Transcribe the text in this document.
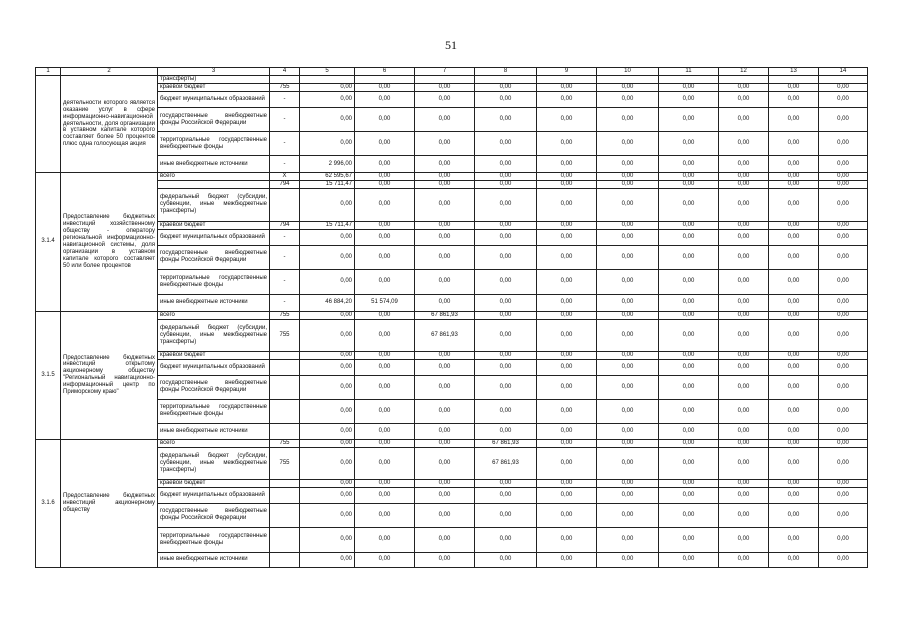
51
1	2	3	4	5	6	7	8	9	10	11	12	13	14	
	деятельности которого является оказание услуг в сфере информационно-навигационной деятельности, доля организации в уставном капитале которого составляет более 50 процентов плюс одна голосующая акция	трансферты)												
		краевой бюджет	755	0,00	0,00	0,00	0,00	0,00	0,00	0,00	0,00	0,00	0,00	
		бюджет муниципальных образований	-	0,00	0,00	0,00	0,00	0,00	0,00	0,00	0,00	0,00	0,00	
		государственные внебюджетные фонды Российской Федерации	-	0,00	0,00	0,00	0,00	0,00	0,00	0,00	0,00	0,00	0,00	
		территориальные государственные внебюджетные фонды	-	0,00	0,00	0,00	0,00	0,00	0,00	0,00	0,00	0,00	0,00	
		иные внебюджетные источники	-	2 996,00	0,00	0,00	0,00	0,00	0,00	0,00	0,00	0,00	0,00	
3.1.4	Предоставление бюджетных инвестиций хозяйственному обществу - оператору региональной информационно-навигационной системы, доля организации в уставном капитале которого составляет 50 или более процентов	всего	X	62 595,67	0,00	0,00	0,00	0,00	0,00	0,00	0,00	0,00	0,00	
			794	15 711,47	0,00	0,00	0,00	0,00	0,00	0,00	0,00	0,00	0,00	
		федеральный бюджет (субсидии, субвенции, иные межбюджетные трансферты)		0,00	0,00	0,00	0,00	0,00	0,00	0,00	0,00	0,00	0,00	
		краевой бюджет	794	15 711,47	0,00	0,00	0,00	0,00	0,00	0,00	0,00	0,00	0,00	
		бюджет муниципальных образований	-	0,00	0,00	0,00	0,00	0,00	0,00	0,00	0,00	0,00	0,00	
		государственные внебюджетные фонды Российской Федерации	-	0,00	0,00	0,00	0,00	0,00	0,00	0,00	0,00	0,00	0,00	
		территориальные государственные внебюджетные фонды	-	0,00	0,00	0,00	0,00	0,00	0,00	0,00	0,00	0,00	0,00	
		иные внебюджетные источники	-	46 884,20	51 574,09	0,00	0,00	0,00	0,00	0,00	0,00	0,00	0,00	
3.1.5	Предоставление бюджетных инвестиций открытому акционерному обществу "Региональный навигационно-информационный центр по Приморскому краю"	всего	755	0,00	0,00	67 861,93	0,00	0,00	0,00	0,00	0,00	0,00	0,00	
		федеральный бюджет (субсидии, субвенции, иные межбюджетные трансферты)	755	0,00	0,00	67 861,93	0,00	0,00	0,00	0,00	0,00	0,00	0,00	
		краевой бюджет		0,00	0,00	0,00	0,00	0,00	0,00	0,00	0,00	0,00	0,00	
		бюджет муниципальных образований		0,00	0,00	0,00	0,00	0,00	0,00	0,00	0,00	0,00	0,00	
		государственные внебюджетные фонды Российской Федерации		0,00	0,00	0,00	0,00	0,00	0,00	0,00	0,00	0,00	0,00	
		территориальные государственные внебюджетные фонды		0,00	0,00	0,00	0,00	0,00	0,00	0,00	0,00	0,00	0,00	
		иные внебюджетные источники		0,00	0,00	0,00	0,00	0,00	0,00	0,00	0,00	0,00	0,00	
3.1.6	Предоставление бюджетных инвестиций акционерному обществу	всего	755	0,00	0,00	0,00	67 861,93	0,00	0,00	0,00	0,00	0,00	0,00	
		федеральный бюджет (субсидии, субвенции, иные межбюджетные трансферты)	755	0,00	0,00	0,00	67 861,93	0,00	0,00	0,00	0,00	0,00	0,00	
		краевой бюджет		0,00	0,00	0,00	0,00	0,00	0,00	0,00	0,00	0,00	0,00	
		бюджет муниципальных образований		0,00	0,00	0,00	0,00	0,00	0,00	0,00	0,00	0,00	0,00	
		государственные внебюджетные фонды Российской Федерации		0,00	0,00	0,00	0,00	0,00	0,00	0,00	0,00	0,00	0,00	
		территориальные государственные внебюджетные фонды		0,00	0,00	0,00	0,00	0,00	0,00	0,00	0,00	0,00	0,00	
		иные внебюджетные источники		0,00	0,00	0,00	0,00	0,00	0,00	0,00	0,00	0,00	0,00	
